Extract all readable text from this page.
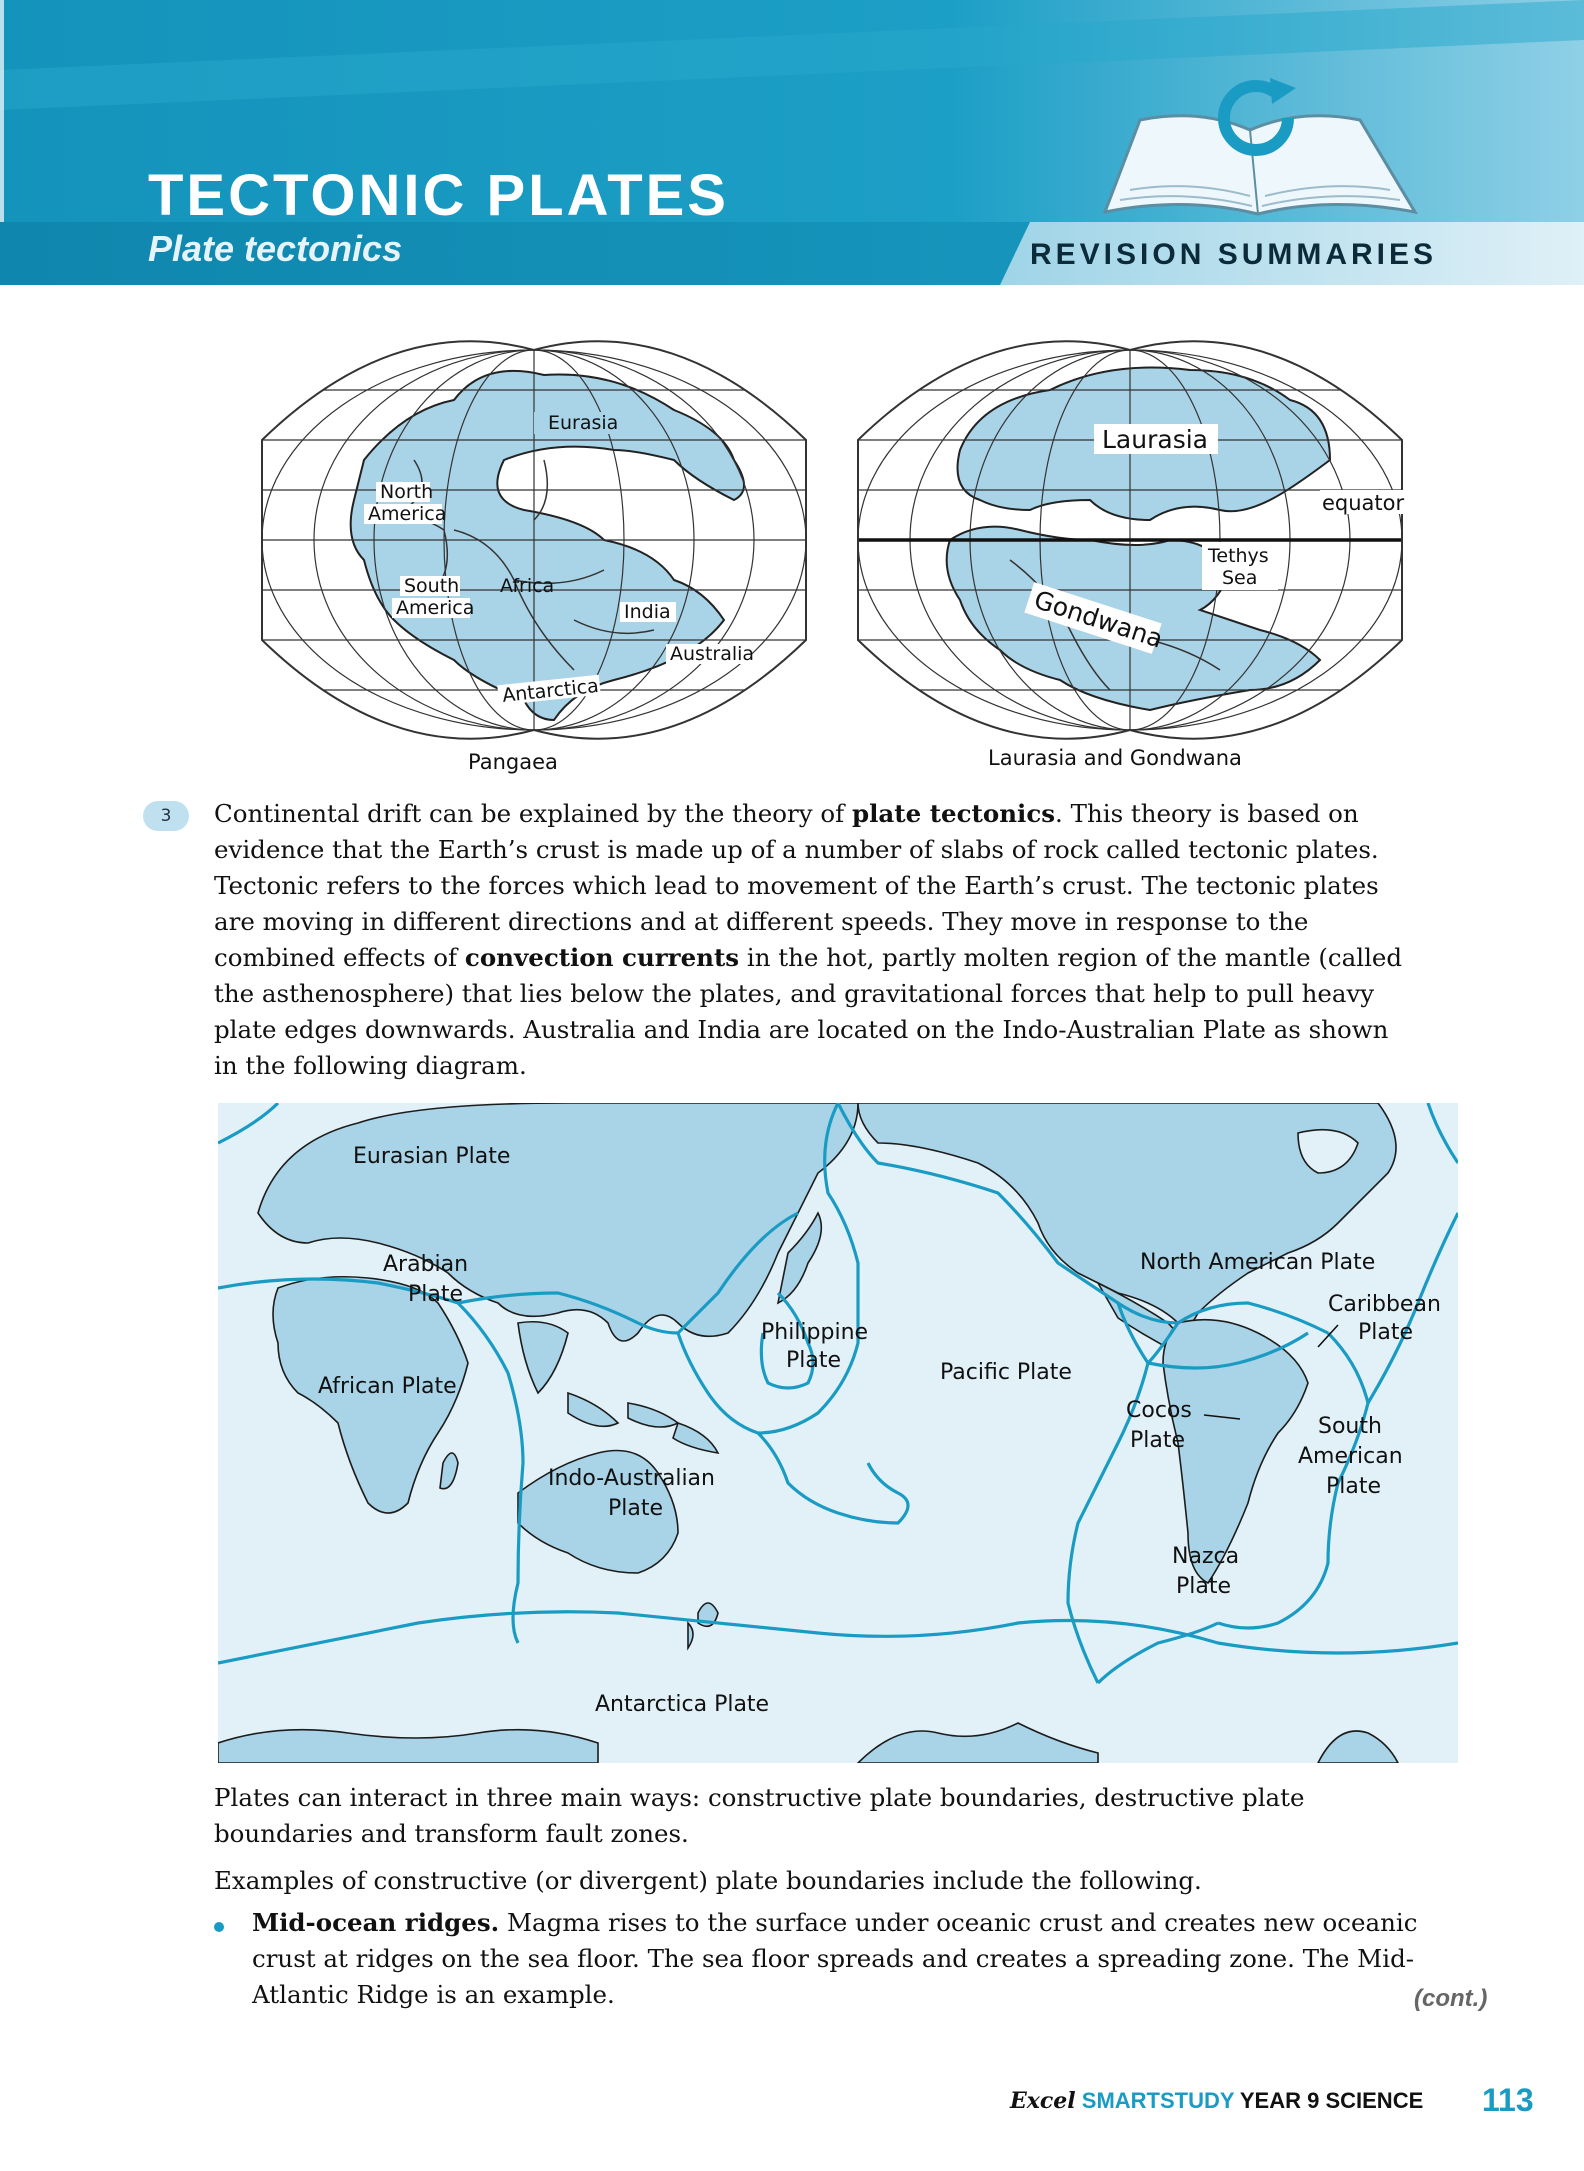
TECTONIC PLATES
Plate tectonics	REVISION SUMMARIES
Eurasia
North
America
South
America
Africa
India
Australia
Antarctica
Pangaea
Laurasia
equator
Tethys
Sea
Gondwana
Laurasia and Gondwana
3	Continental drift can be explained by the theory of plate tectonics. This theory is based on
evidence that the Earth’s crust is made up of a number of slabs of rock called tectonic plates.
Tectonic refers to the forces which lead to movement of the Earth’s crust. The tectonic plates
are moving in different directions and at different speeds. They move in response to the
combined effects of convection currents in the hot, partly molten region of the mantle (called
the asthenosphere) that lies below the plates, and gravitational forces that help to pull heavy
plate edges downwards. Australia and India are located on the Indo-Australian Plate as shown
in the following diagram.
Eurasian Plate
Arabian
Plate
African Plate
Philippine
Plate	Pacific Plate
North American Plate
Caribbean
Plate
Cocos
Plate
South
American
Plate
Indo-Australian
Plate
Nazca
Plate
Antarctica Plate
Plates can interact in three main ways: constructive plate boundaries, destructive plate
boundaries and transform fault zones.
Examples of constructive (or divergent) plate boundaries include the following.
Mid-ocean ridges. Magma rises to the surface under oceanic crust and creates new oceanic
crust at ridges on the sea floor. The sea floor spreads and creates a spreading zone. The Mid-
Atlantic Ridge is an example.	(cont.)
Excel SMARTSTUDY YEAR 9 SCIENCE 113
